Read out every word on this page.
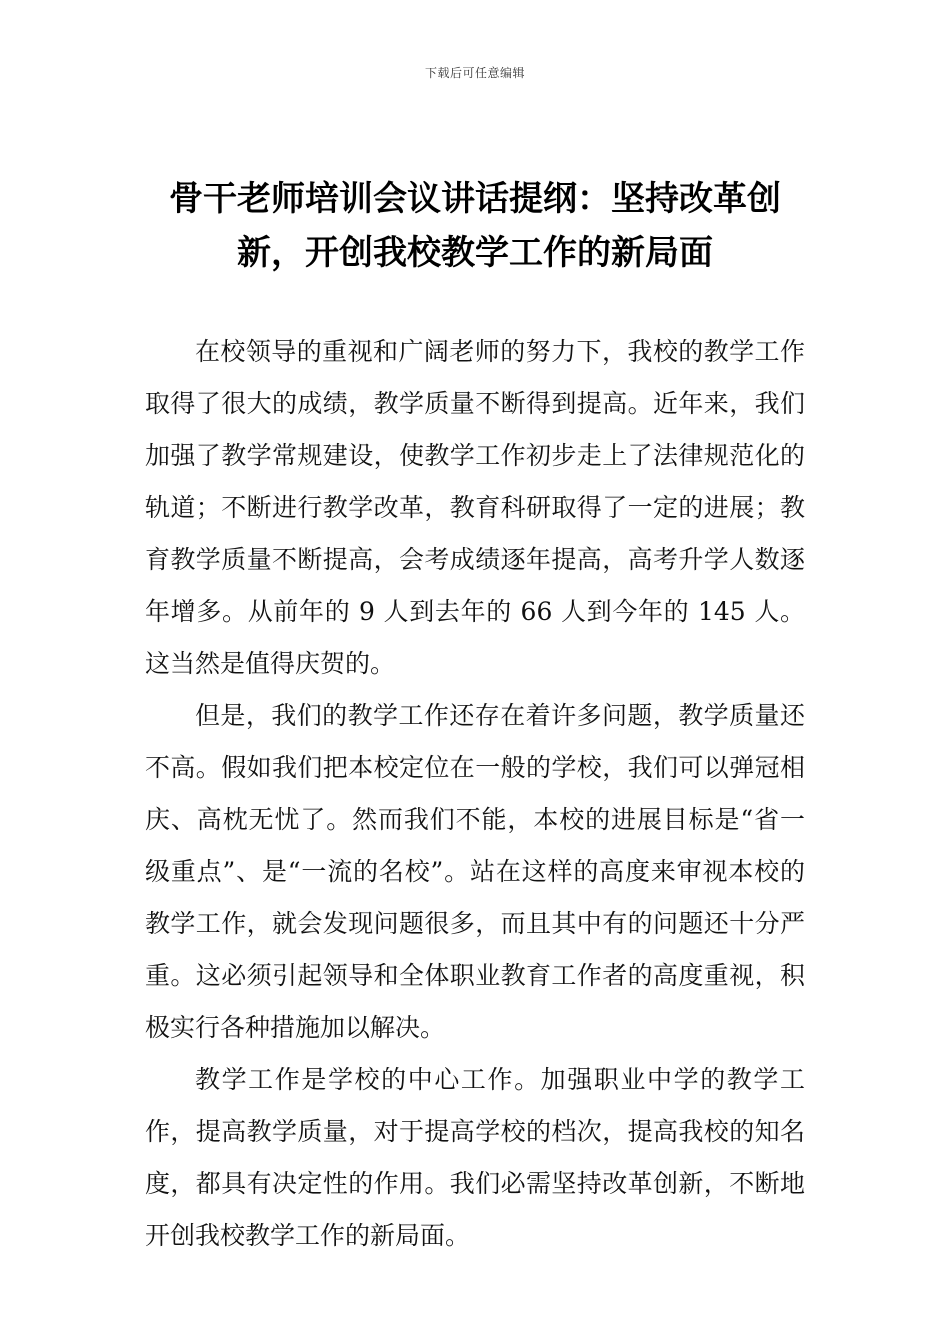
下载后可任意编辑
骨干老师培训会议讲话提纲：坚持改革创新，开创我校教学工作的新局面

在校领导的重视和广阔老师的努力下，我校的教学工作取得了很大的成绩，教学质量不断得到提高。近年来，我们加强了教学常规建设，使教学工作初步走上了法律规范化的轨道；不断进行教学改革，教育科研取得了一定的进展；教育教学质量不断提高，会考成绩逐年提高，高考升学人数逐年增多。从前年的 9 人到去年的 66 人到今年的 145 人。这当然是值得庆贺的。

但是，我们的教学工作还存在着许多问题，教学质量还不高。假如我们把本校定位在一般的学校，我们可以弹冠相庆、高枕无忧了。然而我们不能，本校的进展目标是“省一级重点”、是“一流的名校”。站在这样的高度来审视本校的教学工作，就会发现问题很多，而且其中有的问题还十分严重。这必须引起领导和全体职业教育工作者的高度重视，积极实行各种措施加以解决。

教学工作是学校的中心工作。加强职业中学的教学工作，提高教学质量，对于提高学校的档次，提高我校的知名度，都具有决定性的作用。我们必需坚持改革创新，不断地开创我校教学工作的新局面。
